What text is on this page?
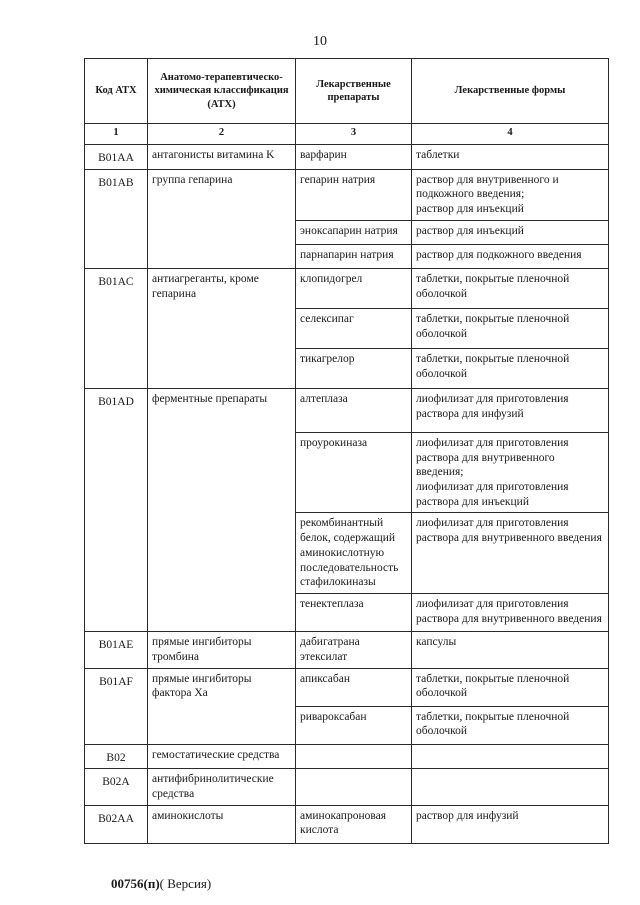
10
Код АТХ	Анатомо-терапевтическо-химическая классификация (АТХ)	Лекарственные препараты	Лекарственные формы
1	2	3	4
B01AA	антагонисты витамина K	варфарин	таблетки
B01AB	группа гепарина	гепарин натрия	раствор для внутривенного и подкожного введения;
раствор для инъекций
		эноксапарин натрия	раствор для инъекций
		парнапарин натрия	раствор для подкожного введения
B01AC	антиагреганты, кроме гепарина	клопидогрел	таблетки, покрытые пленочной оболочкой
		селексипаг	таблетки, покрытые пленочной оболочкой
		тикагрелор	таблетки, покрытые пленочной оболочкой
B01AD	ферментные препараты	алтеплаза	лиофилизат для приготовления раствора для инфузий
		проурокиназа	лиофилизат для приготовления раствора для внутривенного введения;
лиофилизат для приготовления раствора для инъекций
		рекомбинантный белок, содержащий аминокислотную последовательность стафилокиназы	лиофилизат для приготовления раствора для внутривенного введения
		тенектеплаза	лиофилизат для приготовления раствора для внутривенного введения
B01AE	прямые ингибиторы тромбина	дабигатрана этексилат	капсулы
B01AF	прямые ингибиторы фактора Xa	апиксабан	таблетки, покрытые пленочной оболочкой
		ривароксабан	таблетки, покрытые пленочной оболочкой
B02	гемостатические средства		
B02A	антифибринолитические средства		
B02AA	аминокислоты	аминокапроновая кислота	раствор для инфузий
00756(п)( Версия)
